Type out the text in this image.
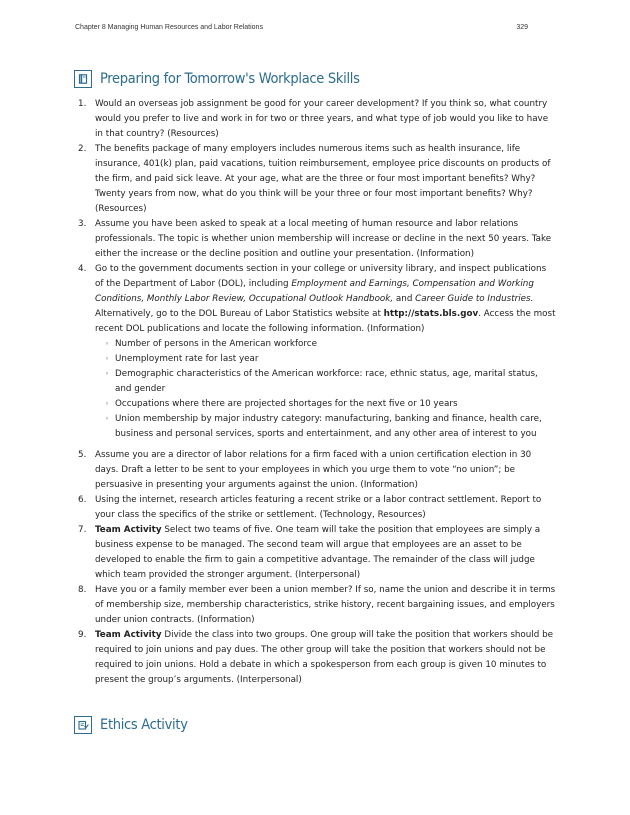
Chapter 8 Managing Human Resources and Labor Relations	329
Preparing for Tomorrow's Workplace Skills
1. Would an overseas job assignment be good for your career development? If you think so, what country would you prefer to live and work in for two or three years, and what type of job would you like to have in that country? (Resources)
2. The benefits package of many employers includes numerous items such as health insurance, life insurance, 401(k) plan, paid vacations, tuition reimbursement, employee price discounts on products of the firm, and paid sick leave. At your age, what are the three or four most important benefits? Why? Twenty years from now, what do you think will be your three or four most important benefits? Why? (Resources)
3. Assume you have been asked to speak at a local meeting of human resource and labor relations professionals. The topic is whether union membership will increase or decline in the next 50 years. Take either the increase or the decline position and outline your presentation. (Information)
4. Go to the government documents section in your college or university library, and inspect publications of the Department of Labor (DOL), including Employment and Earnings, Compensation and Working Conditions, Monthly Labor Review, Occupational Outlook Handbook, and Career Guide to Industries. Alternatively, go to the DOL Bureau of Labor Statistics website at http://stats.bls.gov. Access the most recent DOL publications and locate the following information. (Information)
◦ Number of persons in the American workforce
◦ Unemployment rate for last year
◦ Demographic characteristics of the American workforce: race, ethnic status, age, marital status, and gender
◦ Occupations where there are projected shortages for the next five or 10 years
◦ Union membership by major industry category: manufacturing, banking and finance, health care, business and personal services, sports and entertainment, and any other area of interest to you
5. Assume you are a director of labor relations for a firm faced with a union certification election in 30 days. Draft a letter to be sent to your employees in which you urge them to vote “no union”; be persuasive in presenting your arguments against the union. (Information)
6. Using the internet, research articles featuring a recent strike or a labor contract settlement. Report to your class the specifics of the strike or settlement. (Technology, Resources)
7. Team Activity Select two teams of five. One team will take the position that employees are simply a business expense to be managed. The second team will argue that employees are an asset to be developed to enable the firm to gain a competitive advantage. The remainder of the class will judge which team provided the stronger argument. (Interpersonal)
8. Have you or a family member ever been a union member? If so, name the union and describe it in terms of membership size, membership characteristics, strike history, recent bargaining issues, and employers under union contracts. (Information)
9. Team Activity Divide the class into two groups. One group will take the position that workers should be required to join unions and pay dues. The other group will take the position that workers should not be required to join unions. Hold a debate in which a spokesperson from each group is given 10 minutes to present the group’s arguments. (Interpersonal)
Ethics Activity
